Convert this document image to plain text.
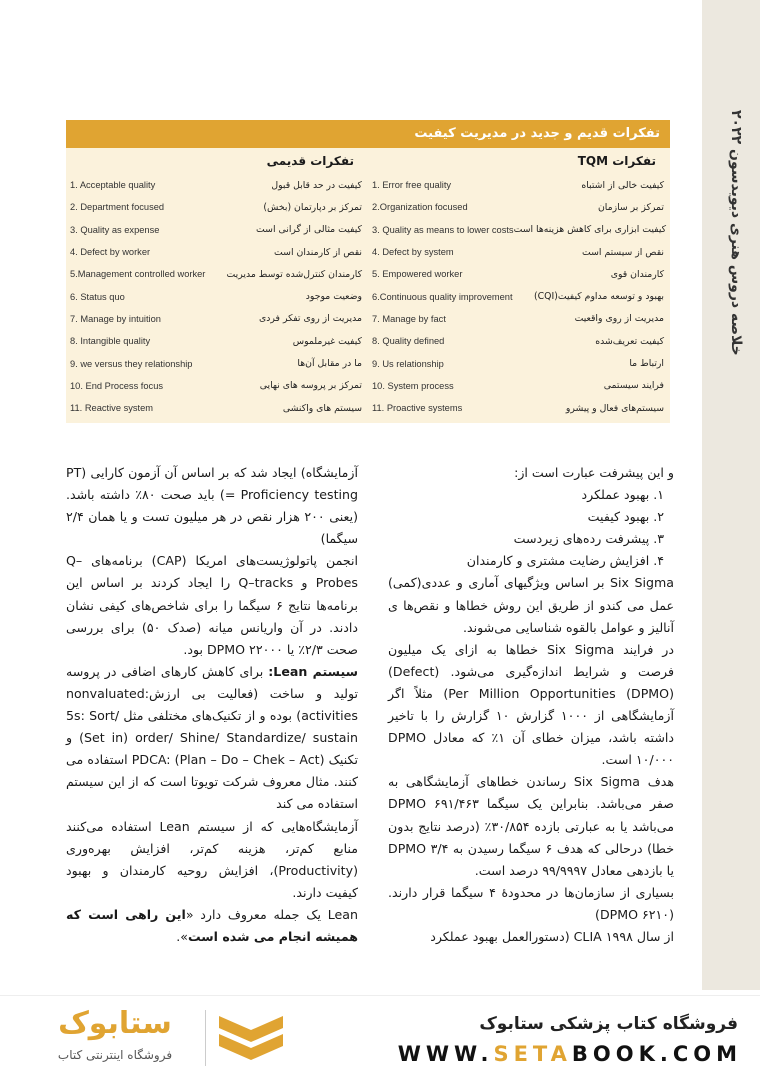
خلاصه دروس هنری دیویدسون ۲۰۲۲
تفکرات قدیم و جدید در مدیریت کیفیت
تفکرات قدیمی	تفکرات TQM
1. Acceptable quality	کیفیت در حد قابل قبول 1. Error free quality	کیفیت خالی از اشتباه
2. Department focused	تمرکز بر دپارتمان (بخش) 2.Organization focused	تمرکز بر سازمان
3. Quality as expense	کیفیت مثالی از گرانی است 3. Quality as means to lower costs کیفیت ابزاری برای کاهش هزینه‌ها است
4. Defect by worker	نقص از کارمندان است 4. Defect by system	نقص از سیستم است
5.Management controlled worker کارمندان کنترل‌شده توسط مدیریت 5. Empowered worker	کارمندان قوی
6. Status quo	وضعیت موجود 6.Continuous quality improvement بهبود و توسعه مداوم کیفیت(CQI)
7. Manage by intuition	مدیریت از روی تفکر فردی 7. Manage by fact	مدیریت از روی واقعیت
8. Intangible quality	کیفیت غیرملموس 8. Quality defined	کیفیت تعریف‌شده
9. we versus they relationship	ما در مقابل آن‌ها 9. Us relationship	ارتباط ما
10. End Process focus	تمرکز بر پروسه های نهایی 10. System process	فرایند سیستمی
11. Reactive system	سیستم های واکنشی 11. Proactive systems	سیستم‌های فعال و پیشرو

و این پیشرفت عبارت است از:

۱. بهبود عملکرد

۲. بهبود کیفیت

۳. پیشرفت رده‌های زیردست

۴. افزایش رضایت مشتری و کارمندان

Six Sigma بر اساس ویژگیهای آماری و عددی(کمی) عمل می کندو از طریق این روش خطاها و نقص‌ها ی آنالیز و عوامل بالقوه شناسایی می‌شوند.

در فرایند Six Sigma خطاها به ازای یک میلیون فرصت و شرایط اندازه‌گیری می‌شود. (Defect) (DPMO) Per Million Opportunities) مثلاً اگر آزمایشگاهی از ۱۰۰۰ گزارش ۱۰ گزارش را با تاخیر داشته باشد، میزان خطای آن ۱٪ که معادل DPMO ۱۰/۰۰۰ است.

هدف Six Sigma رساندن خطاهای آزمایشگاهی به صفر می‌باشد. بنابراین یک سیگما DPMO ۶۹۱/۴۶۳ می‌باشد یا به عبارتی بازده ۳۰/۸۵۴٪ (درصد نتایج بدون خطا) درحالی که هدف ۶ سیگما رسیدن به DPMO ۳/۴ یا بازدهی معادل ۹۹/۹۹۹۷ درصد است.

بسیاری از سازمان‌ها در محدودهٔ ۴ سیگما قرار دارند. (DPMO ۶۲۱۰)

از سال ۱۹۹۸ CLIA (دستورالعمل بهبود عملکرد

آزمایشگاه) ایجاد شد که بر اساس آن آزمون کارایی (PT = Proficiency testing) باید صحت ۸۰٪ داشته باشد. (یعنی ۲۰۰ هزار نقص در هر میلیون تست و یا همان ۲/۴ سیگما)

انجمن پاتولوژیست‌های امریکا (CAP) برنامه‌های Q–Probes و Q–tracks را ایجاد کردند بر اساس این برنامه‌ها نتایج ۶ سیگما را برای شاخص‌های کیفی نشان دادند. در آن واریانس میانه (صدک ۵۰) برای بررسی صحت ۲/۳٪ یا DPMO ۲۲۰۰۰ بود.

سیستم Lean: برای کاهش کارهای اضافی در پروسه تولید و ساخت (فعالیت بی ارزش:nonvaluated activities) بوده و از تکنیک‌های مختلفی مثل 5s: Sort/ Set in) order/ Shine/ Standardize/ sustain) و تکنیک PDCA: (Plan – Do – Chek – Act) استفاده می کنند. مثال معروف شرکت تویوتا است که از این سیستم استفاده می کند

آزمایشگاه‌هایی که از سیستم Lean استفاده می‌کنند منابع کم‌تر، هزینه کم‌تر، افزایش بهره‌وری (Productivity)، افزایش روحیه کارمندان و بهبود کیفیت دارند.

Lean یک جمله معروف دارد «این راهی است که همیشه انجام می شده است».

ستابوک
فروشگاه اینترنتی کتاب
فروشگاه کتاب پزشکی ستابوک
WWW.SETABOOK.COM
